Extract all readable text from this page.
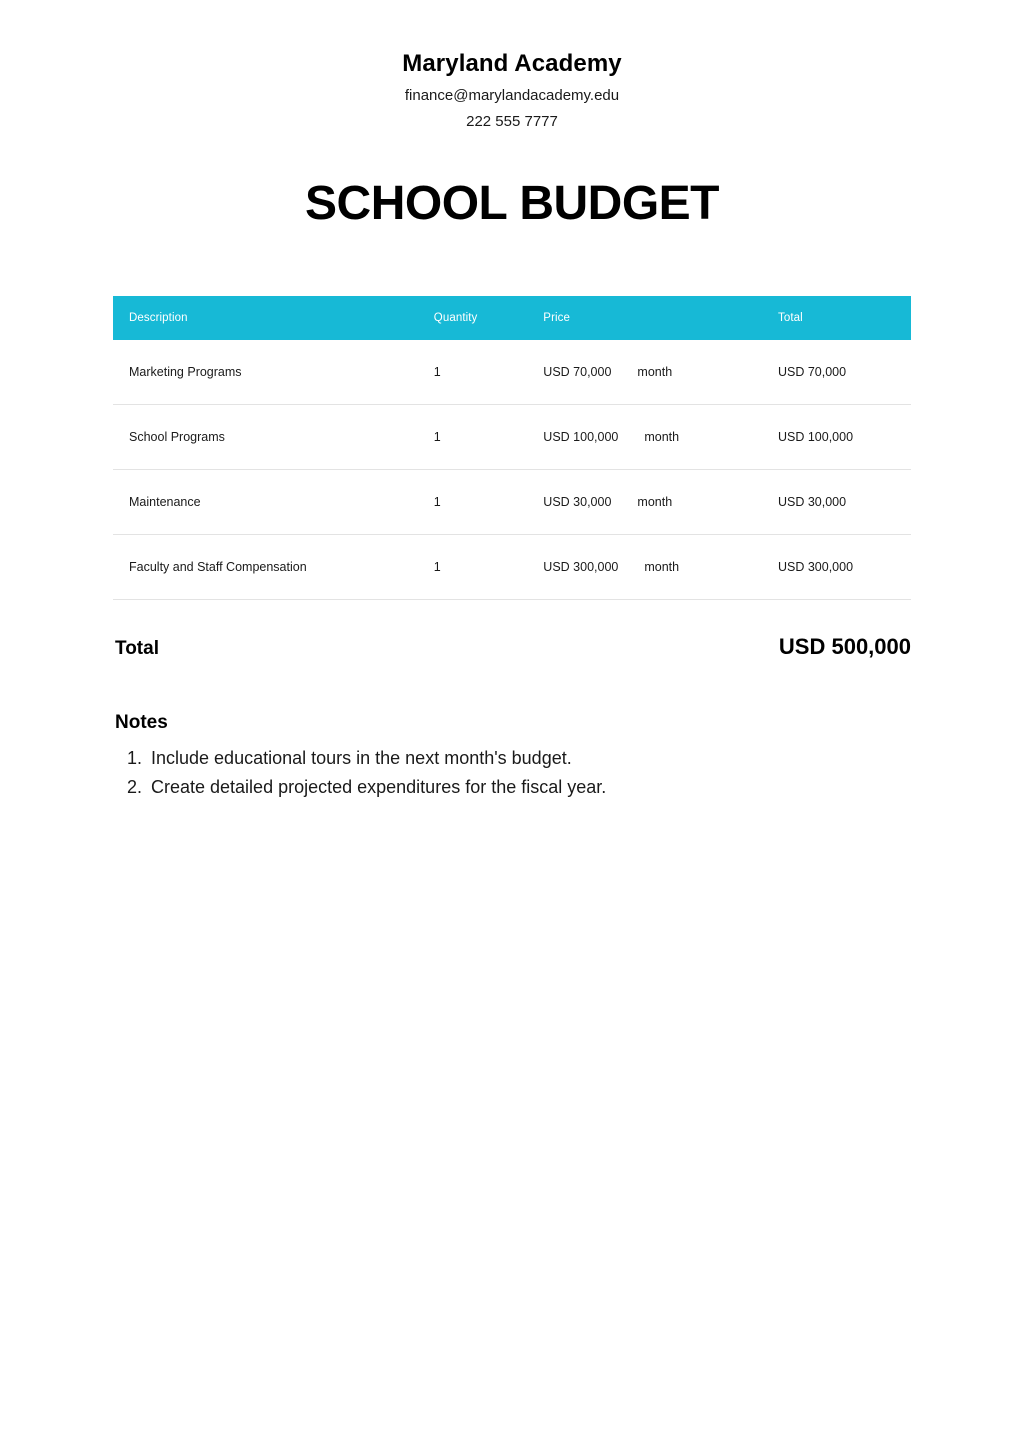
Maryland Academy
finance@marylandacademy.edu
222 555 7777
SCHOOL BUDGET
Description	Quantity	Price	Total
Marketing Programs	1	USD 70,000 month	USD 70,000
School Programs	1	USD 100,000 month	USD 100,000
Maintenance	1	USD 30,000 month	USD 30,000
Faculty and Staff Compensation	1	USD 300,000 month	USD 300,000
Total	USD 500,000
Notes
1. Include educational tours in the next month's budget.
2. Create detailed projected expenditures for the fiscal year.
